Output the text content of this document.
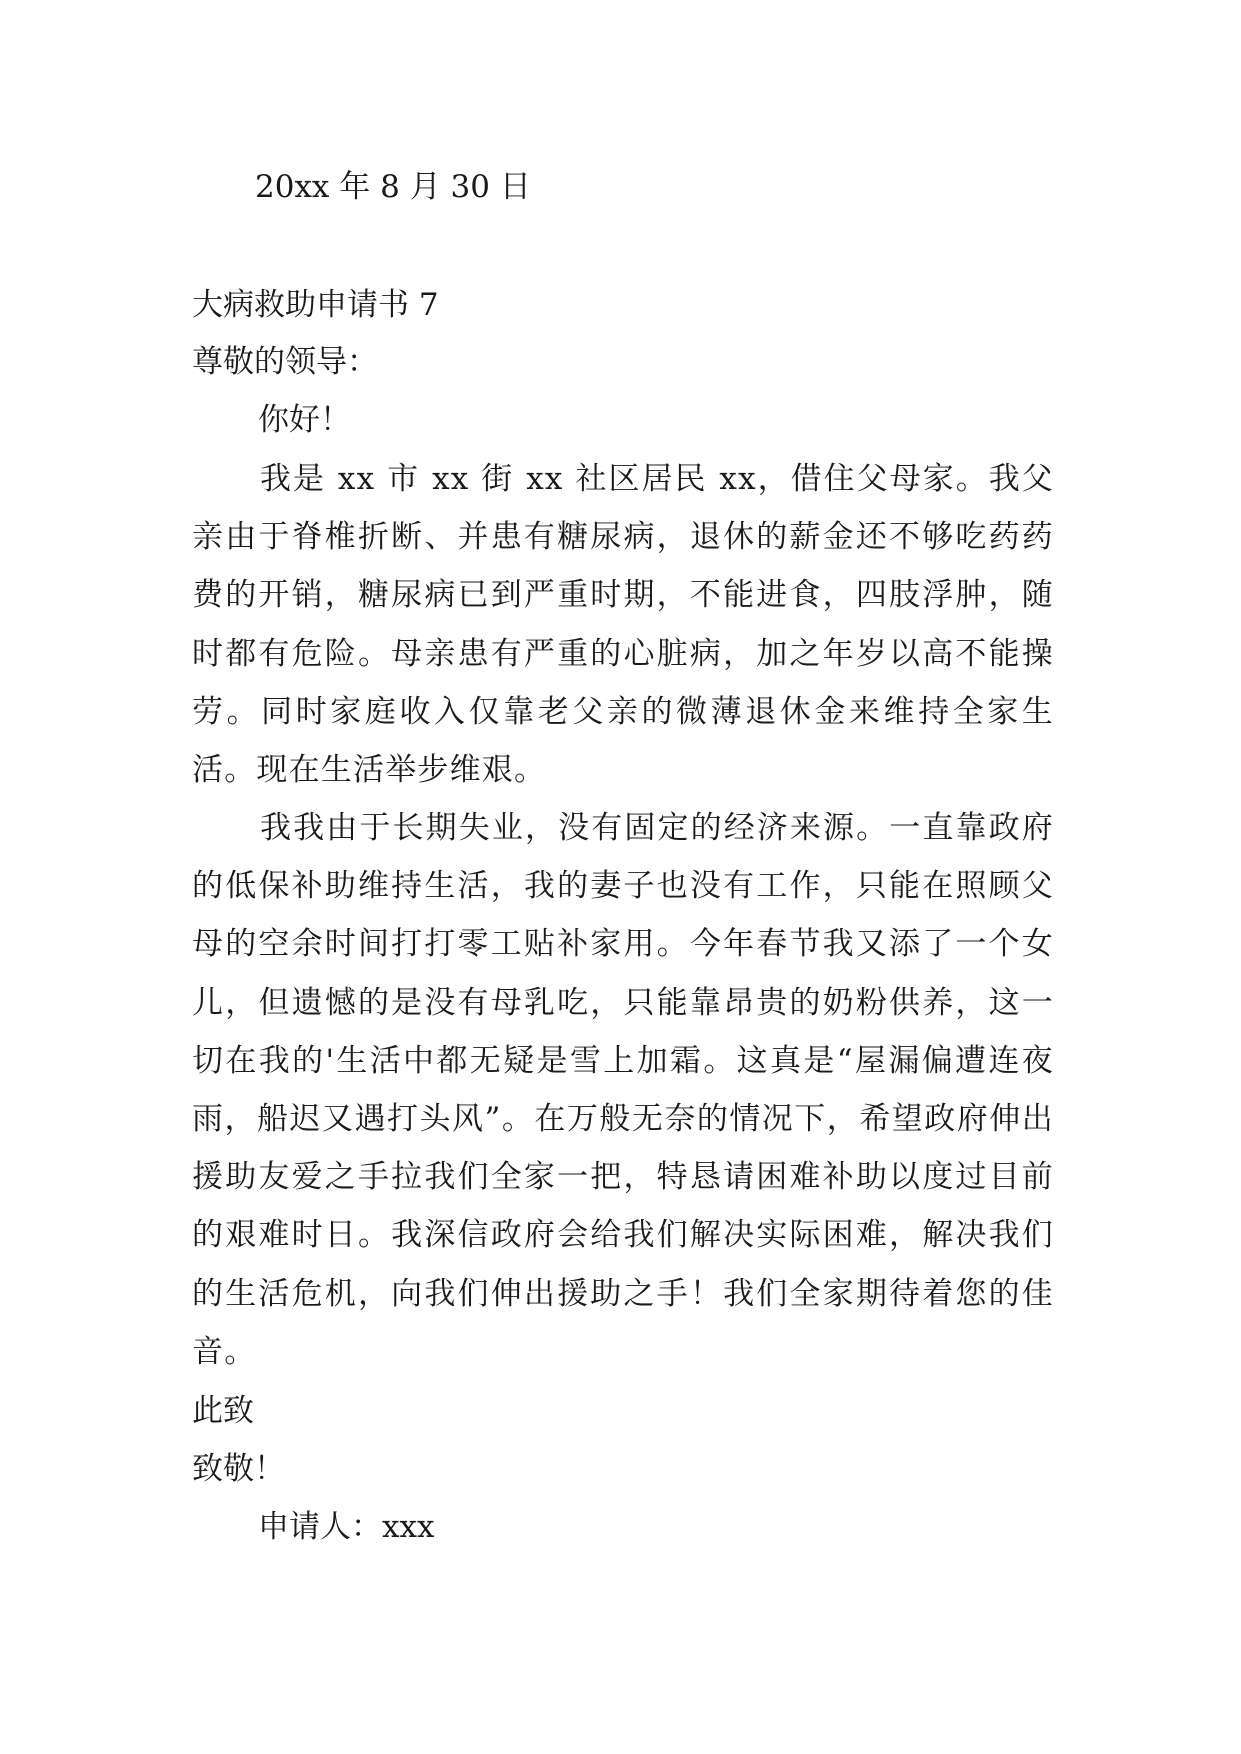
20xx 年 8 月 30 日
大病救助申请书 7
尊敬的领导：
你好！

我是 xx 市 xx 街 xx 社区居民 xx，借住父母家。我父亲由于脊椎折断、并患有糖尿病，退休的薪金还不够吃药药费的开销，糖尿病已到严重时期，不能进食，四肢浮肿，随时都有危险。母亲患有严重的心脏病，加之年岁以高不能操劳。同时家庭收入仅靠老父亲的微薄退休金来维持全家生活。现在生活举步维艰。

我我由于长期失业，没有固定的经济来源。一直靠政府的低保补助维持生活，我的妻子也没有工作，只能在照顾父母的空余时间打打零工贴补家用。今年春节我又添了一个女儿，但遗憾的是没有母乳吃，只能靠昂贵的奶粉供养，这一切在我的'生活中都无疑是雪上加霜。这真是“屋漏偏遭连夜雨，船迟又遇打头风”。在万般无奈的情况下，希望政府伸出援助友爱之手拉我们全家一把，特恳请困难补助以度过目前的艰难时日。我深信政府会给我们解决实际困难，解决我们的生活危机，向我们伸出援助之手！我们全家期待着您的佳音。

此致
致敬！
申请人：xxx
